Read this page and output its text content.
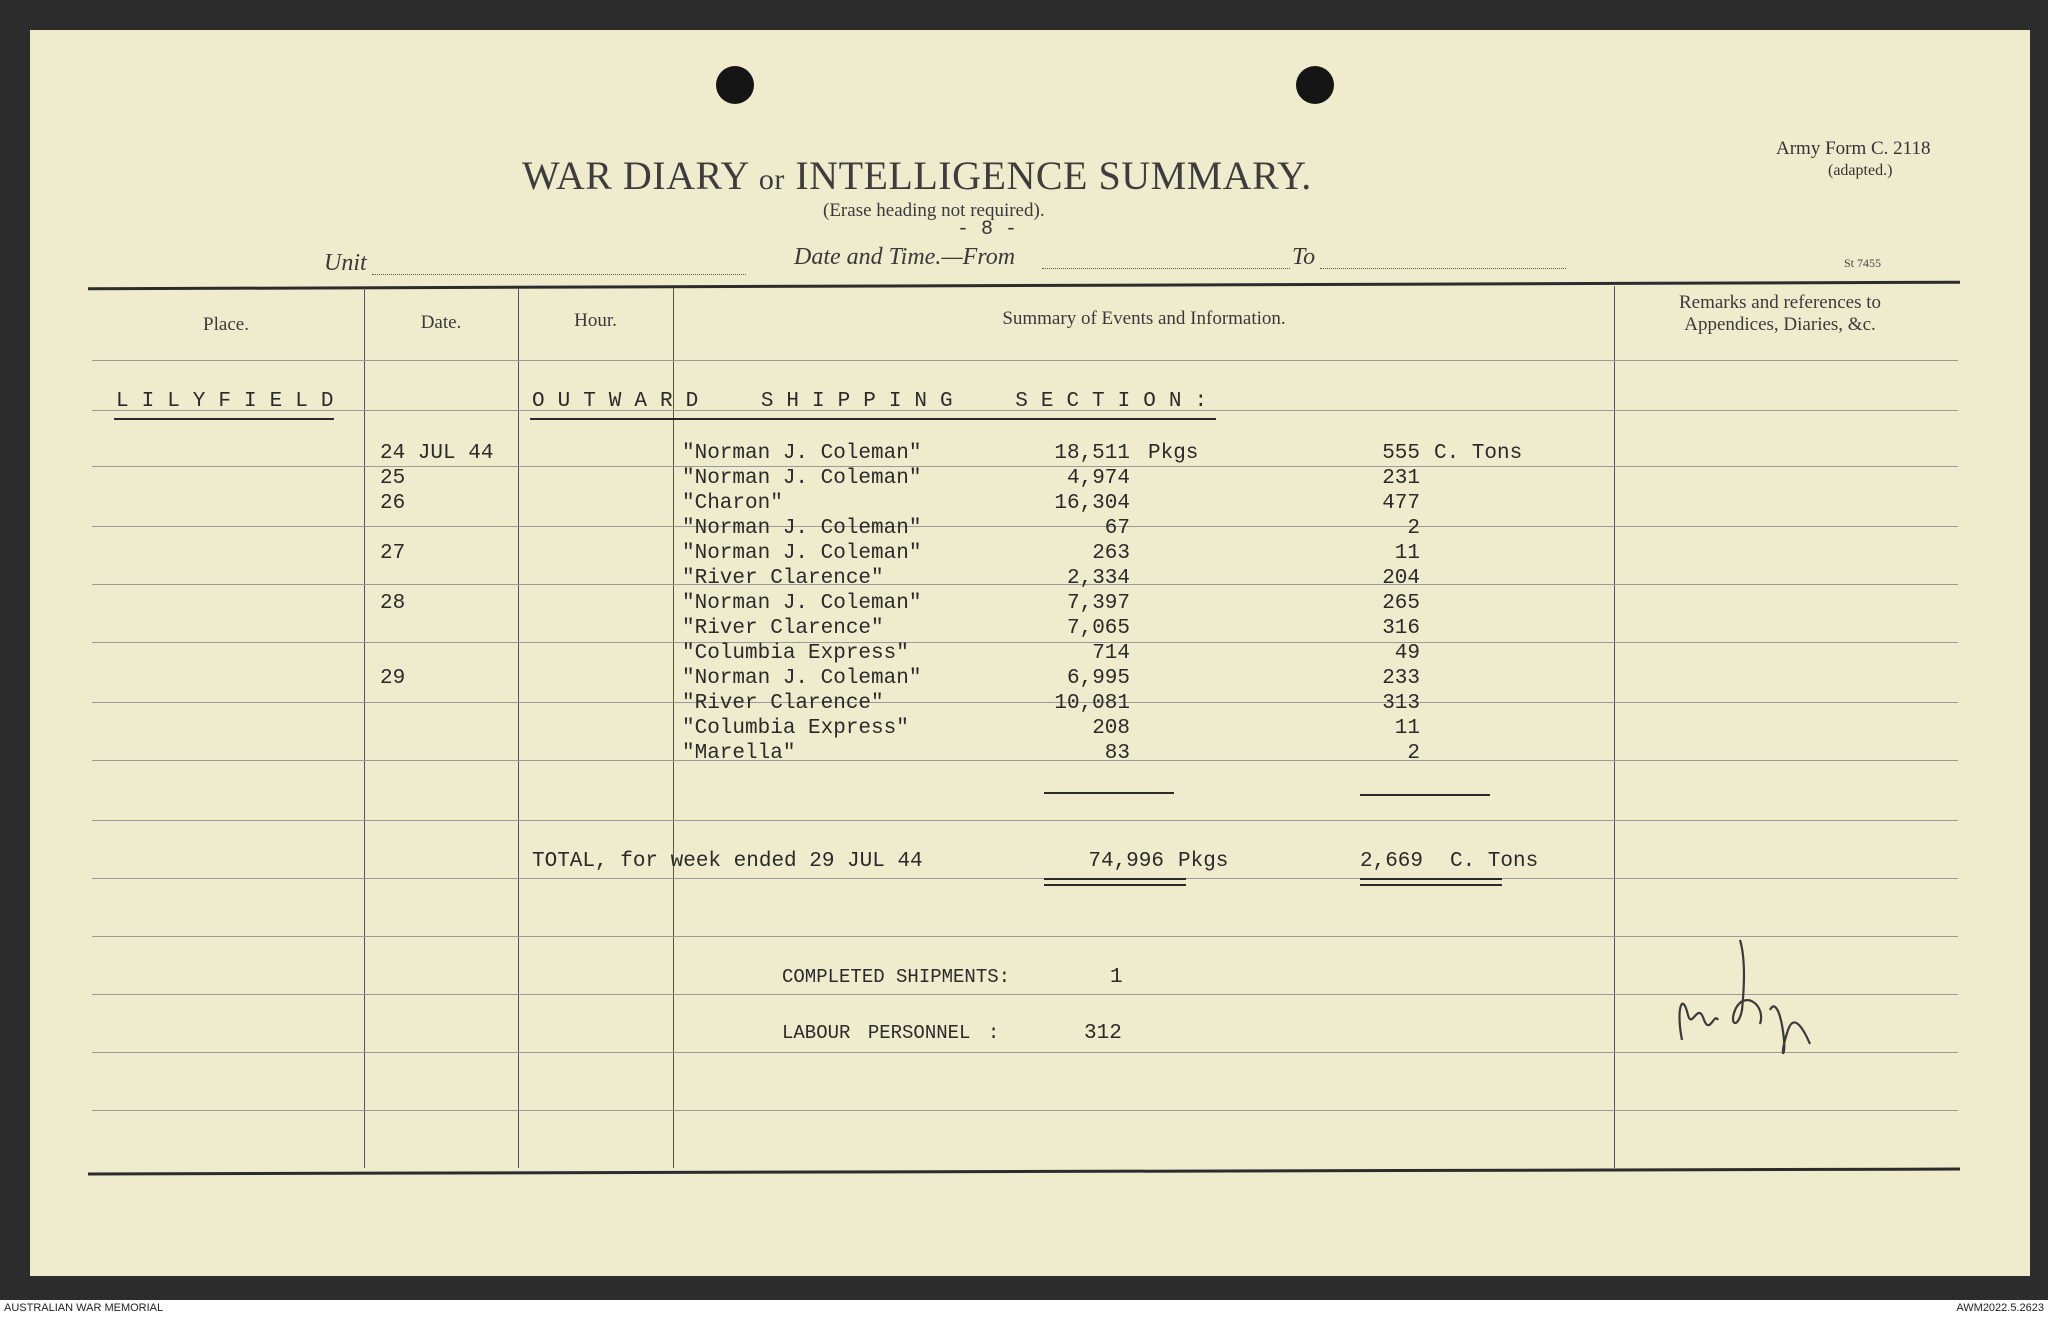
WAR DIARY or INTELLIGENCE SUMMARY.
(Erase heading not required).
- 8 -
Army Form C. 2118
(adapted.)
St 7455
Unit	Date and Time.—From	To
Place.	Date.	Hour.	Summary of Events and Information.
Remarks and references to Appendices, Diaries, &c.
LILYFIELD	OUTWARD SHIPPING SECTION:
24 JUL 44	"Norman J. Coleman"	18,511 Pkgs	555 C. Tons
25	"Norman J. Coleman"	4,974	231
26	"Charon"	16,304	477
"Norman J. Coleman"	67	2
27	"Norman J. Coleman"	263	11
"River Clarence"	2,334	204
28	"Norman J. Coleman"	7,397	265
"River Clarence"	7,065	316
"Columbia Express"	714	49
29	"Norman J. Coleman"	6,995	233
"River Clarence"	10,081	313
"Columbia Express"	208	11
"Marella"	83	2
TOTAL, for week ended 29 JUL 44	74,996 Pkgs	2,669 C. Tons
COMPLETED SHIPMENTS:	1
LABOUR PERSONNEL :	312
AUSTRALIAN WAR MEMORIAL	AWM2022.5.2623
